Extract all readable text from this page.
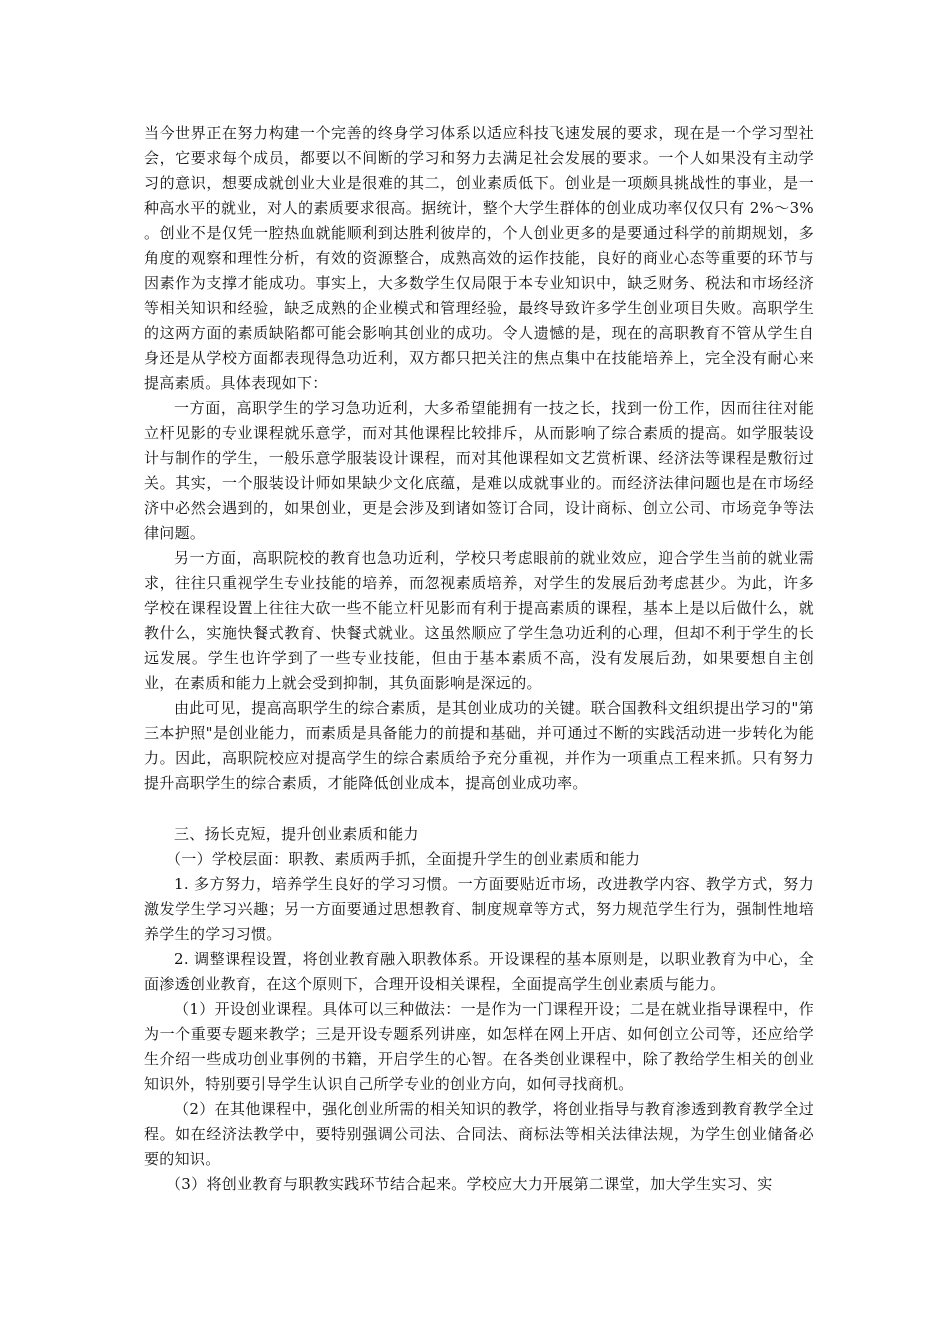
当今世界正在努力构建一个完善的终身学习体系以适应科技飞速发展的要求，现在是一个学习型社会，它要求每个成员，都要以不间断的学习和努力去满足社会发展的要求。一个人如果没有主动学习的意识，想要成就创业大业是很难的其二，创业素质低下。创业是一项颇具挑战性的事业，是一种高水平的就业，对人的素质要求很高。据统计，整个大学生群体的创业成功率仅仅只有 2%～3% 。创业不是仅凭一腔热血就能顺利到达胜利彼岸的，个人创业更多的是要通过科学的前期规划，多角度的观察和理性分析，有效的资源整合，成熟高效的运作技能，良好的商业心态等重要的环节与因素作为支撑才能成功。事实上，大多数学生仅局限于本专业知识中，缺乏财务、税法和市场经济等相关知识和经验，缺乏成熟的企业模式和管理经验，最终导致许多学生创业项目失败。高职学生的这两方面的素质缺陷都可能会影响其创业的成功。令人遗憾的是，现在的高职教育不管从学生自身还是从学校方面都表现得急功近利，双方都只把关注的焦点集中在技能培养上，完全没有耐心来提高素质。具体表现如下：

一方面，高职学生的学习急功近利，大多希望能拥有一技之长，找到一份工作，因而往往对能立杆见影的专业课程就乐意学，而对其他课程比较排斥，从而影响了综合素质的提高。如学服装设计与制作的学生，一般乐意学服装设计课程，而对其他课程如文艺赏析课、经济法等课程是敷衍过关。其实，一个服装设计师如果缺少文化底蕴，是难以成就事业的。而经济法律问题也是在市场经济中必然会遇到的，如果创业，更是会涉及到诸如签订合同，设计商标、创立公司、市场竞争等法律问题。

另一方面，高职院校的教育也急功近利，学校只考虑眼前的就业效应，迎合学生当前的就业需求，往往只重视学生专业技能的培养，而忽视素质培养，对学生的发展后劲考虑甚少。为此，许多学校在课程设置上往往大砍一些不能立杆见影而有利于提高素质的课程，基本上是以后做什么，就教什么，实施快餐式教育、快餐式就业。这虽然顺应了学生急功近利的心理，但却不利于学生的长远发展。学生也许学到了一些专业技能，但由于基本素质不高，没有发展后劲，如果要想自主创业，在素质和能力上就会受到抑制，其负面影响是深远的。

由此可见，提高高职学生的综合素质，是其创业成功的关键。联合国教科文组织提出学习的"第三本护照"是创业能力，而素质是具备能力的前提和基础，并可通过不断的实践活动进一步转化为能力。因此，高职院校应对提高学生的综合素质给予充分重视，并作为一项重点工程来抓。只有努力提升高职学生的综合素质，才能降低创业成本，提高创业成功率。

三、扬长克短，提升创业素质和能力

（一）学校层面：职教、素质两手抓，全面提升学生的创业素质和能力

1. 多方努力，培养学生良好的学习习惯。一方面要贴近市场，改进教学内容、教学方式，努力激发学生学习兴趣；另一方面要通过思想教育、制度规章等方式，努力规范学生行为，强制性地培养学生的学习习惯。

2. 调整课程设置，将创业教育融入职教体系。开设课程的基本原则是，以职业教育为中心，全面渗透创业教育，在这个原则下，合理开设相关课程，全面提高学生创业素质与能力。

（1）开设创业课程。具体可以三种做法：一是作为一门课程开设；二是在就业指导课程中，作为一个重要专题来教学；三是开设专题系列讲座，如怎样在网上开店、如何创立公司等，还应给学生介绍一些成功创业事例的书籍，开启学生的心智。在各类创业课程中，除了教给学生相关的创业知识外，特别要引导学生认识自己所学专业的创业方向，如何寻找商机。

（2）在其他课程中，强化创业所需的相关知识的教学，将创业指导与教育渗透到教育教学全过程。如在经济法教学中，要特别强调公司法、合同法、商标法等相关法律法规，为学生创业储备必要的知识。

（3）将创业教育与职教实践环节结合起来。学校应大力开展第二课堂，加大学生实习、实
